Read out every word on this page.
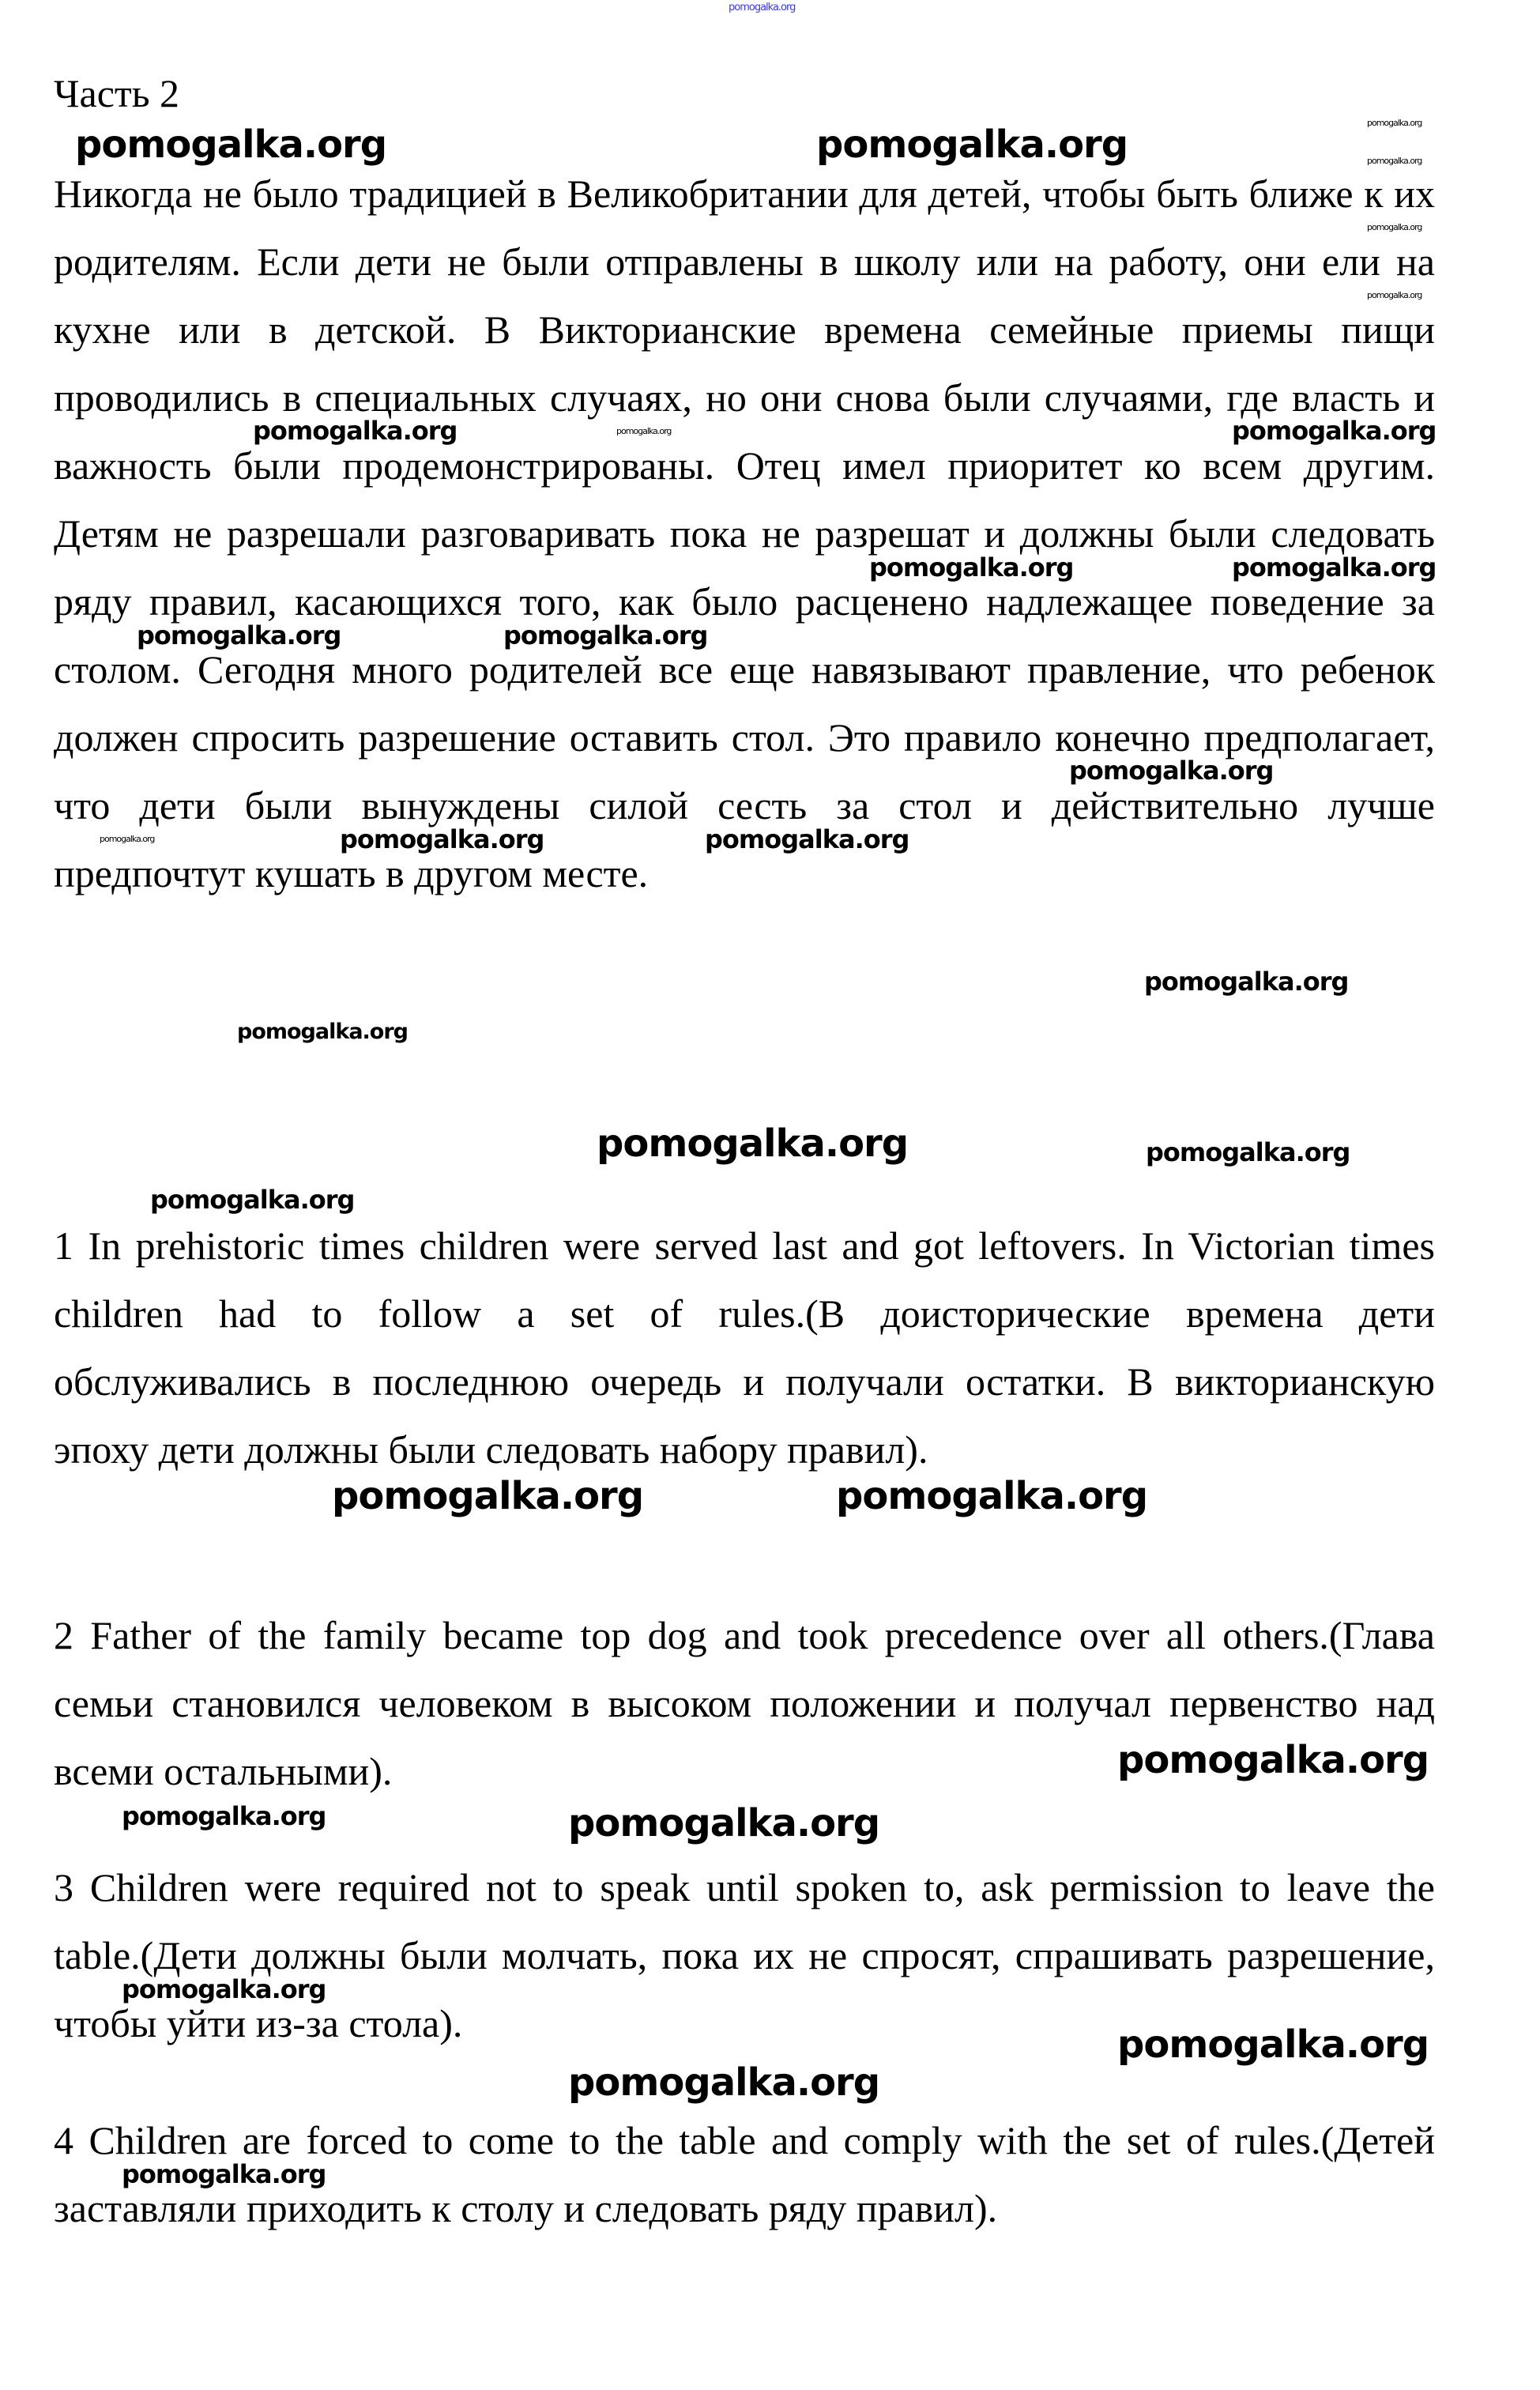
Часть 2
Никогда не было традицией в Великобритании для детей, чтобы быть ближе к их родителям. Если дети не были отправлены в школу или на работу, они ели на кухне или в детской. В Викторианские времена семейные приемы пищи проводились в специальных случаях, но они снова были случаями, где власть и важность были продемонстрированы. Отец имел приоритет ко всем другим. Детям не разрешали разговаривать пока не разрешат и должны были следовать ряду правил, касающихся того, как было расценено надлежащее поведение за столом. Сегодня много родителей все еще навязывают правление, что ребенок должен спросить разрешение оставить стол. Это правило конечно предполагает, что дети были вынуждены силой сесть за стол и действительно лучше предпочтут кушать в другом месте.
1 In prehistoric times children were served last and got leftovers. In Victorian times children had to follow a set of rules.(В доисторические времена дети обслуживались в последнюю очередь и получали остатки. В викторианскую эпоху дети должны были следовать набору правил).
2 Father of the family became top dog and took precedence over all others.(Глава семьи становился человеком в высоком положении и получал первенство над всеми остальными).
3 Children were required not to speak until spoken to, ask permission to leave the table.(Дети должны были молчать, пока их не спросят, спрашивать разрешение, чтобы уйти из-за стола).
4 Children are forced to come to the table and comply with the set of rules.(Детей заставляли приходить к столу и следовать ряду правил).
pomogalka.org
pomogalka.org	pomogalka.org	pomogalka.org
pomogalka.org
pomogalka.org
pomogalka.org
pomogalka.org	pomogalka.org
pomogalka.org
pomogalka.org	pomogalka.org
pomogalka.org	pomogalka.org
pomogalka.org
pomogalka.org	pomogalka.org
pomogalka.org
pomogalka.org
pomogalka.org
pomogalka.org	pomogalka.org
pomogalka.org
pomogalka.org	pomogalka.org
pomogalka.org
pomogalka.org	pomogalka.org
pomogalka.org
pomogalka.org
pomogalka.org
pomogalka.org
